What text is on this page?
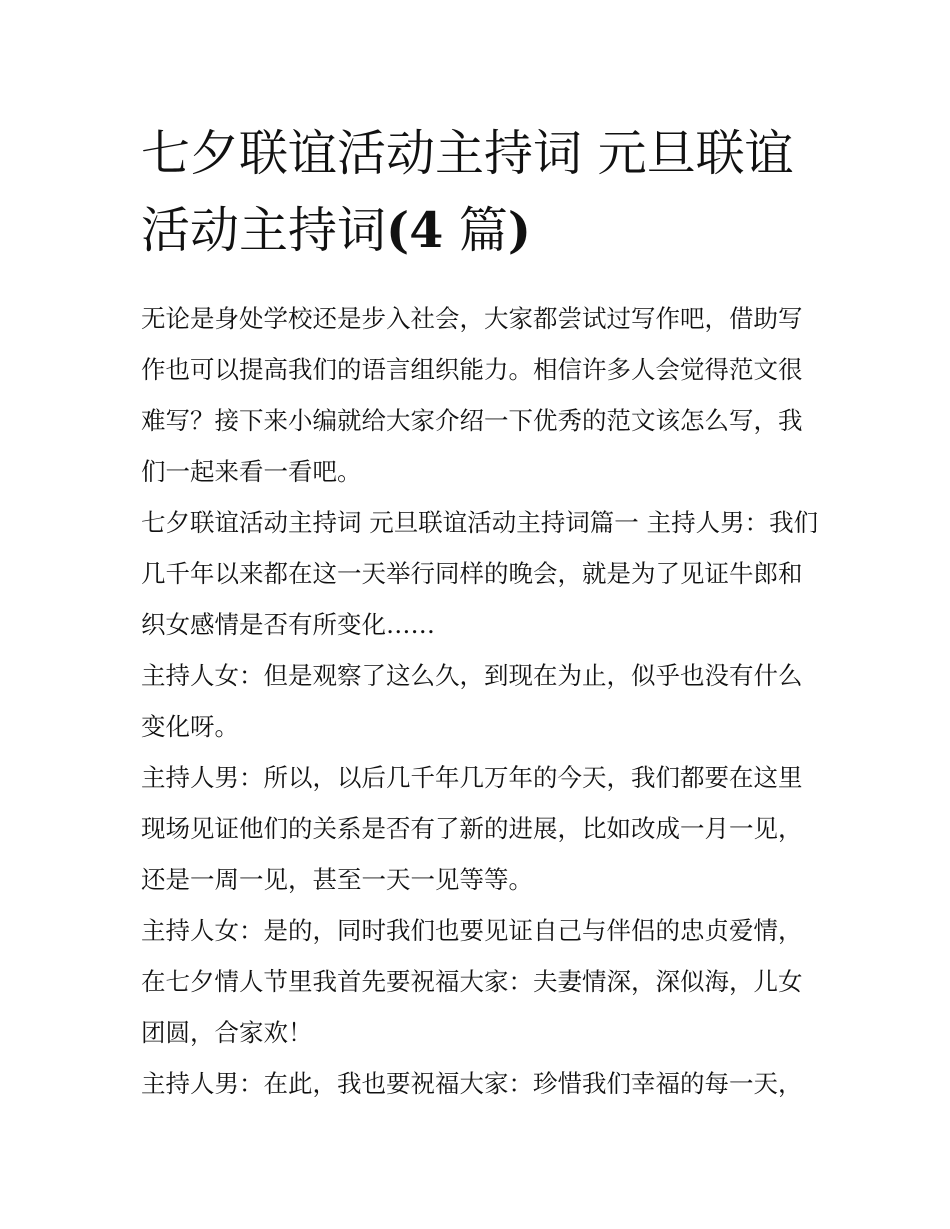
七夕联谊活动主持词 元旦联谊
活动主持词(4 篇)

无论是身处学校还是步入社会，大家都尝试过写作吧，借助写作也可以提高我们的语言组织能力。相信许多人会觉得范文很难写？接下来小编就给大家介绍一下优秀的范文该怎么写，我们一起来看一看吧。

七夕联谊活动主持词 元旦联谊活动主持词篇一 主持人男：我们几千年以来都在这一天举行同样的晚会，就是为了见证牛郎和织女感情是否有所变化……

主持人女：但是观察了这么久，到现在为止，似乎也没有什么变化呀。

主持人男：所以，以后几千年几万年的今天，我们都要在这里现场见证他们的关系是否有了新的进展，比如改成一月一见，还是一周一见，甚至一天一见等等。

主持人女：是的，同时我们也要见证自己与伴侣的忠贞爱情，在七夕情人节里我首先要祝福大家：夫妻情深，深似海，儿女团圆，合家欢！

主持人男：在此，我也要祝福大家：珍惜我们幸福的每一天，
